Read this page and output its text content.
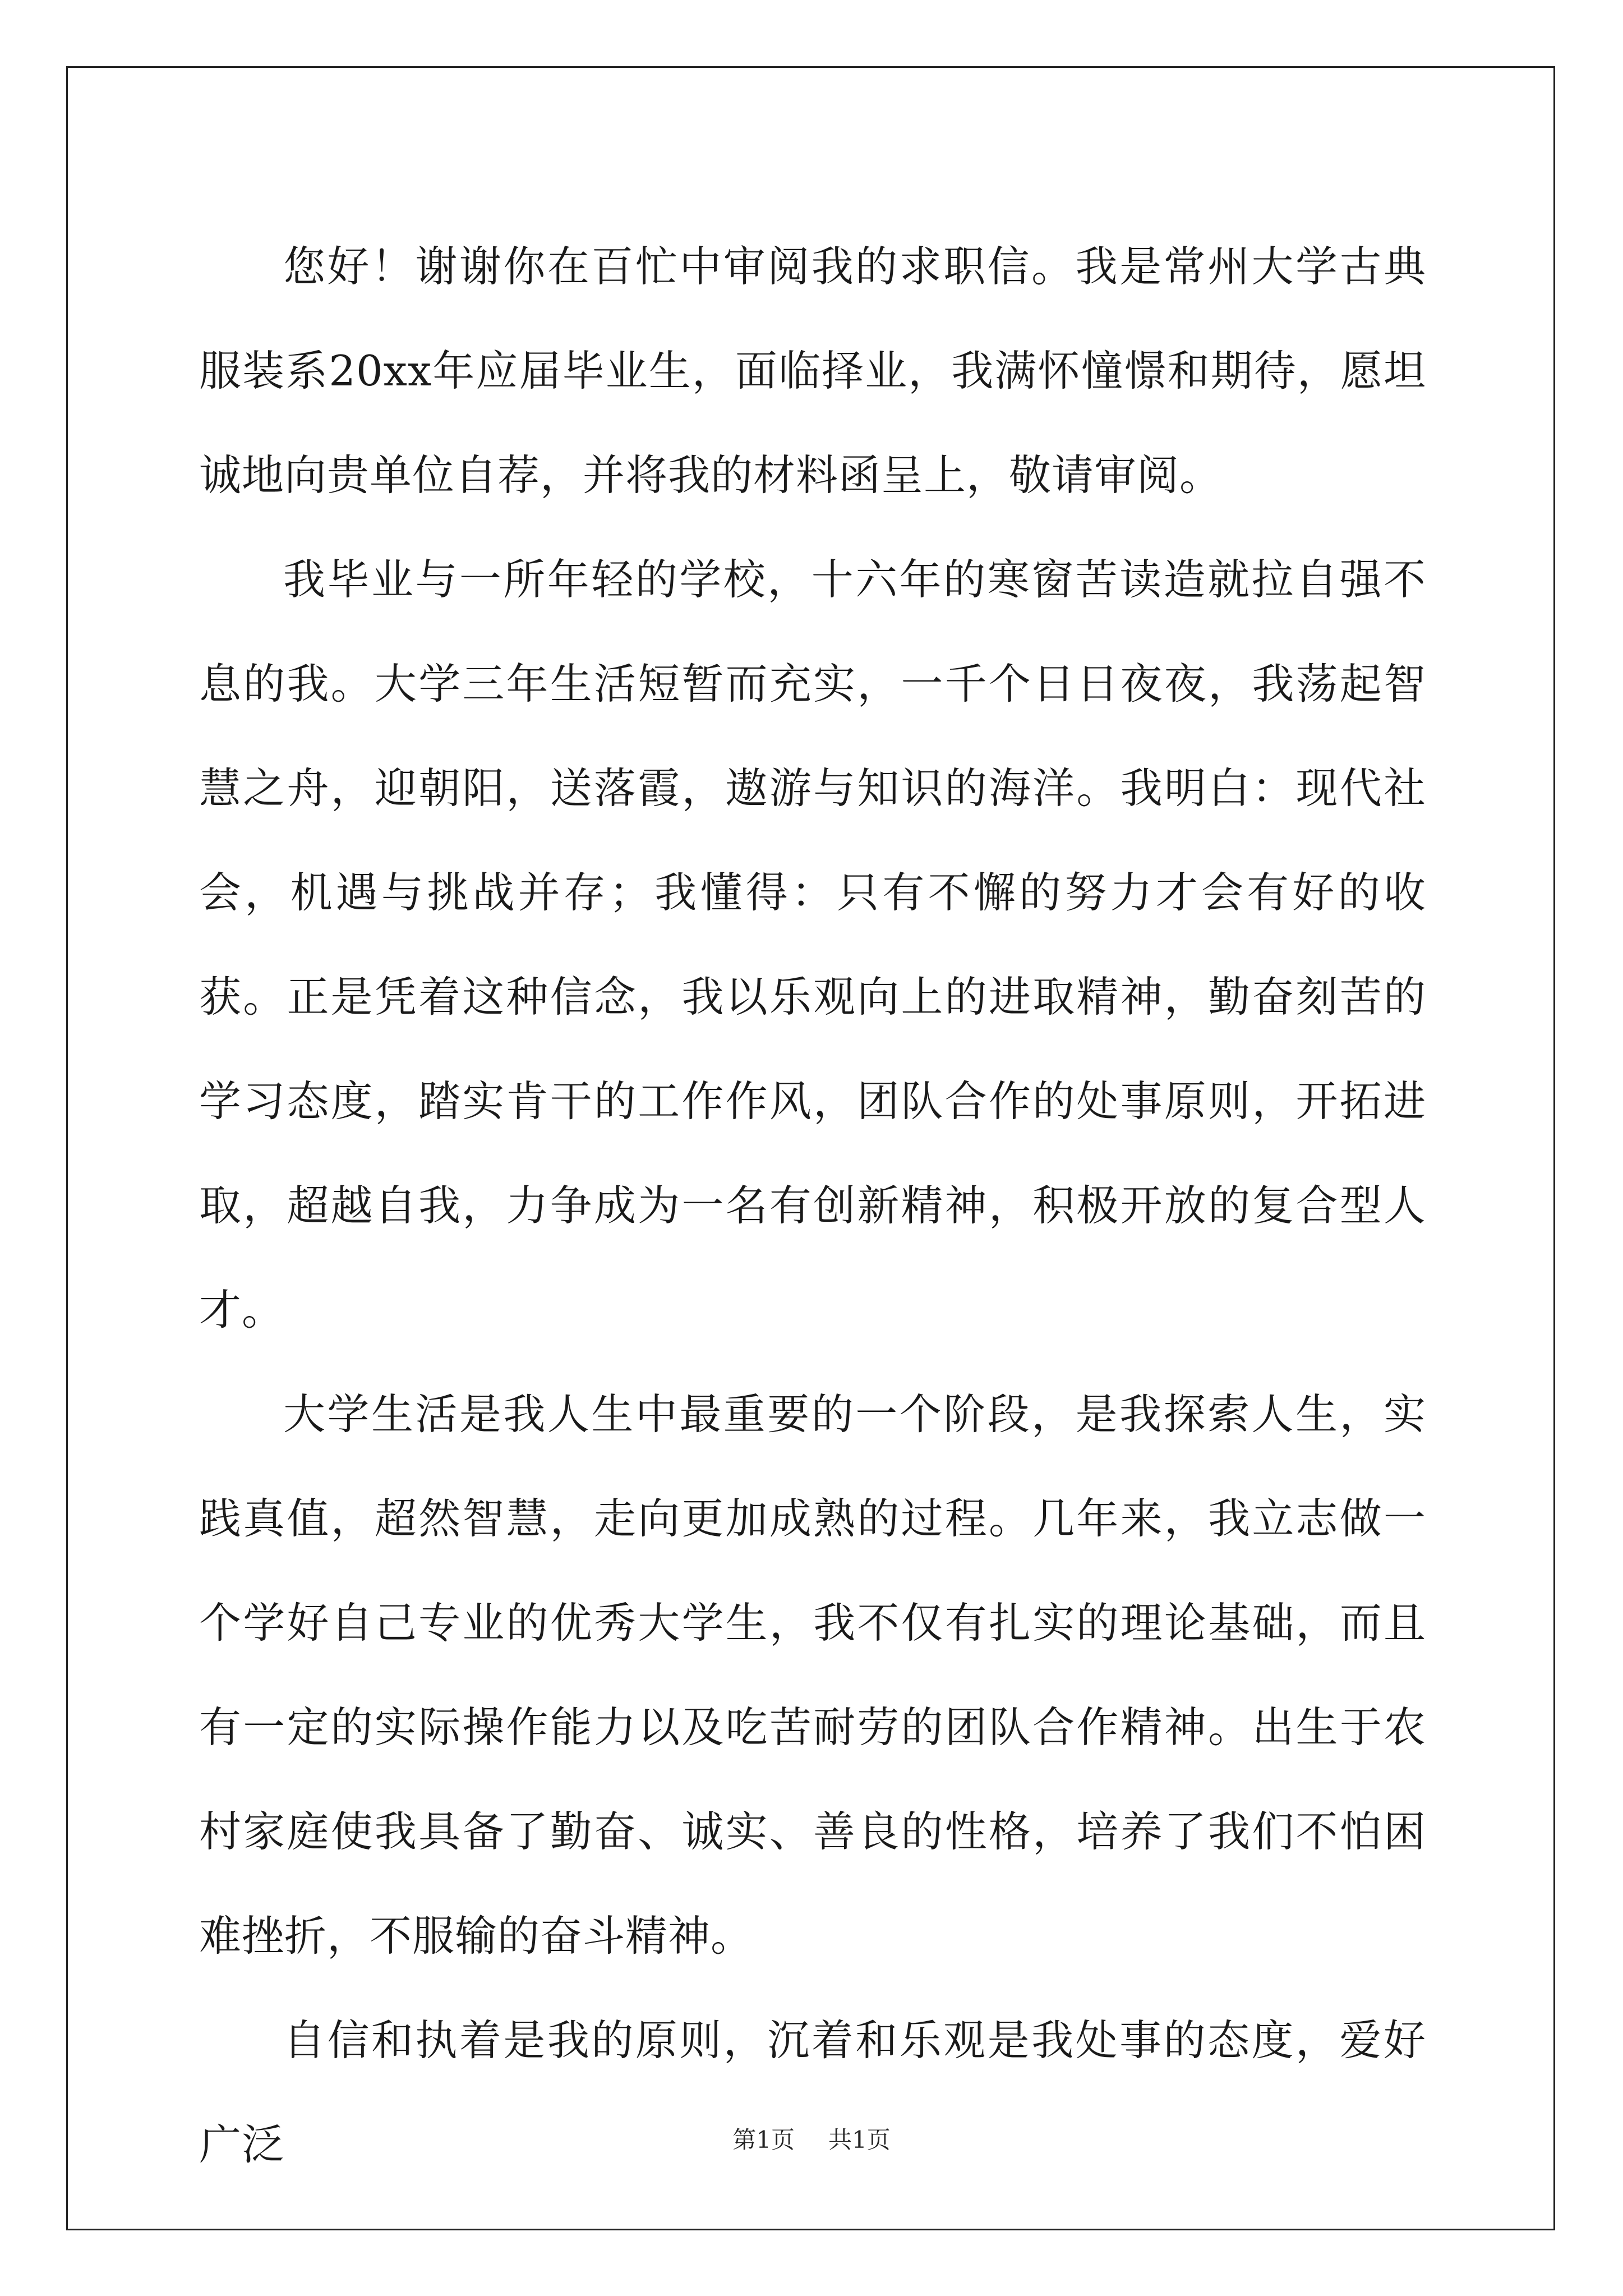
您好！谢谢你在百忙中审阅我的求职信。我是常州大学古典服装系20xx年应届毕业生，面临择业，我满怀憧憬和期待，愿坦诚地向贵单位自荐，并将我的材料函呈上，敬请审阅。

我毕业与一所年轻的学校，十六年的寒窗苦读造就拉自强不息的我。大学三年生活短暂而充实，一千个日日夜夜，我荡起智慧之舟，迎朝阳，送落霞，遨游与知识的海洋。我明白：现代社会，机遇与挑战并存；我懂得：只有不懈的努力才会有好的收获。正是凭着这种信念，我以乐观向上的进取精神，勤奋刻苦的学习态度，踏实肯干的工作作风，团队合作的处事原则，开拓进取，超越自我，力争成为一名有创新精神，积极开放的复合型人才。

大学生活是我人生中最重要的一个阶段，是我探索人生，实践真值，超然智慧，走向更加成熟的过程。几年来，我立志做一个学好自己专业的优秀大学生，我不仅有扎实的理论基础，而且有一定的实际操作能力以及吃苦耐劳的团队合作精神。出生于农村家庭使我具备了勤奋、诚实、善良的性格，培养了我们不怕困难挫折，不服输的奋斗精神。

自信和执着是我的原则，沉着和乐观是我处事的态度，爱好广泛	第1页 共1页
